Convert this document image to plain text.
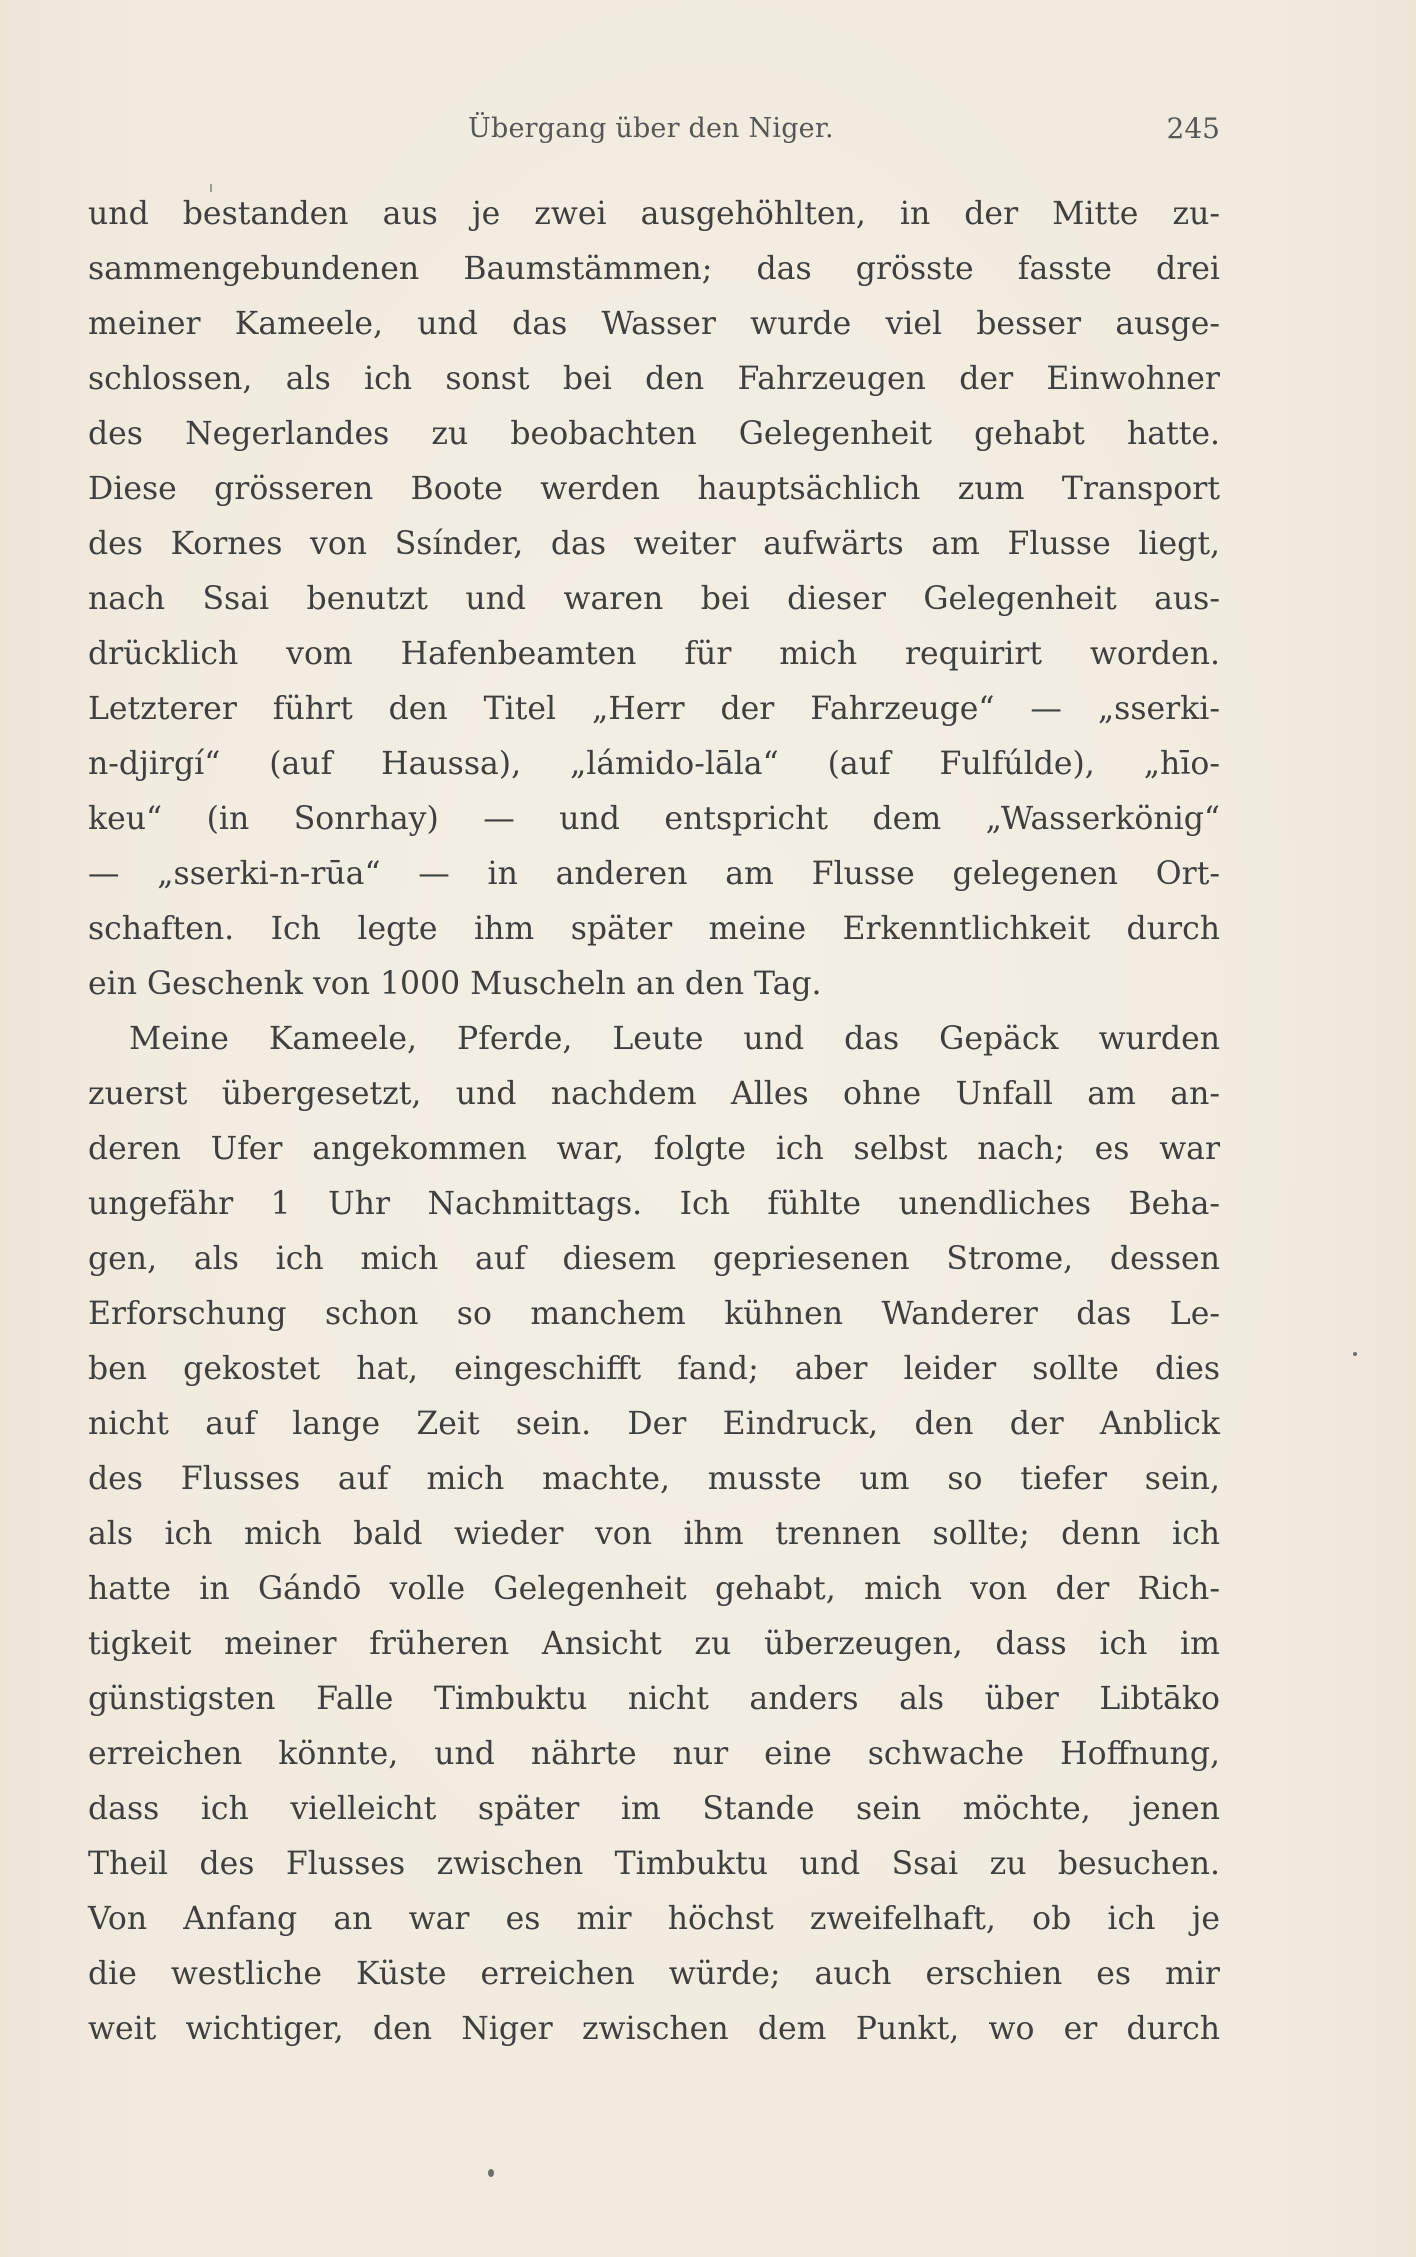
Übergang über den Niger.	245
und bestanden aus je zwei ausgehöhlten, in der Mitte zu-
sammengebundenen Baumstämmen; das grösste fasste drei
meiner Kameele, und das Wasser wurde viel besser ausge-
schlossen, als ich sonst bei den Fahrzeugen der Einwohner
des Negerlandes zu beobachten Gelegenheit gehabt hatte.
Diese grösseren Boote werden hauptsächlich zum Transport
des Kornes von Ssínder, das weiter aufwärts am Flusse liegt,
nach Ssai benutzt und waren bei dieser Gelegenheit aus-
drücklich vom Hafenbeamten für mich requirirt worden.
Letzterer führt den Titel „Herr der Fahrzeuge“ — „sserki-
n-djirgí“ (auf Haussa), „lámido-lāla“ (auf Fulfúlde), „hīo-
keu“ (in Sonrhay) — und entspricht dem „Wasserkönig“
— „sserki-n-rūa“ — in anderen am Flusse gelegenen Ort-
schaften. Ich legte ihm später meine Erkenntlichkeit durch
ein Geschenk von 1000 Muscheln an den Tag.
Meine Kameele, Pferde, Leute und das Gepäck wurden
zuerst übergesetzt, und nachdem Alles ohne Unfall am an-
deren Ufer angekommen war, folgte ich selbst nach; es war
ungefähr 1 Uhr Nachmittags. Ich fühlte unendliches Beha-
gen, als ich mich auf diesem gepriesenen Strome, dessen
Erforschung schon so manchem kühnen Wanderer das Le-
ben gekostet hat, eingeschifft fand; aber leider sollte dies
nicht auf lange Zeit sein. Der Eindruck, den der Anblick
des Flusses auf mich machte, musste um so tiefer sein,
als ich mich bald wieder von ihm trennen sollte; denn ich
hatte in Gándō volle Gelegenheit gehabt, mich von der Rich-
tigkeit meiner früheren Ansicht zu überzeugen, dass ich im
günstigsten Falle Timbuktu nicht anders als über Libtāko
erreichen könnte, und nährte nur eine schwache Hoffnung,
dass ich vielleicht später im Stande sein möchte, jenen
Theil des Flusses zwischen Timbuktu und Ssai zu besuchen.
Von Anfang an war es mir höchst zweifelhaft, ob ich je
die westliche Küste erreichen würde; auch erschien es mir
weit wichtiger, den Niger zwischen dem Punkt, wo er durch
